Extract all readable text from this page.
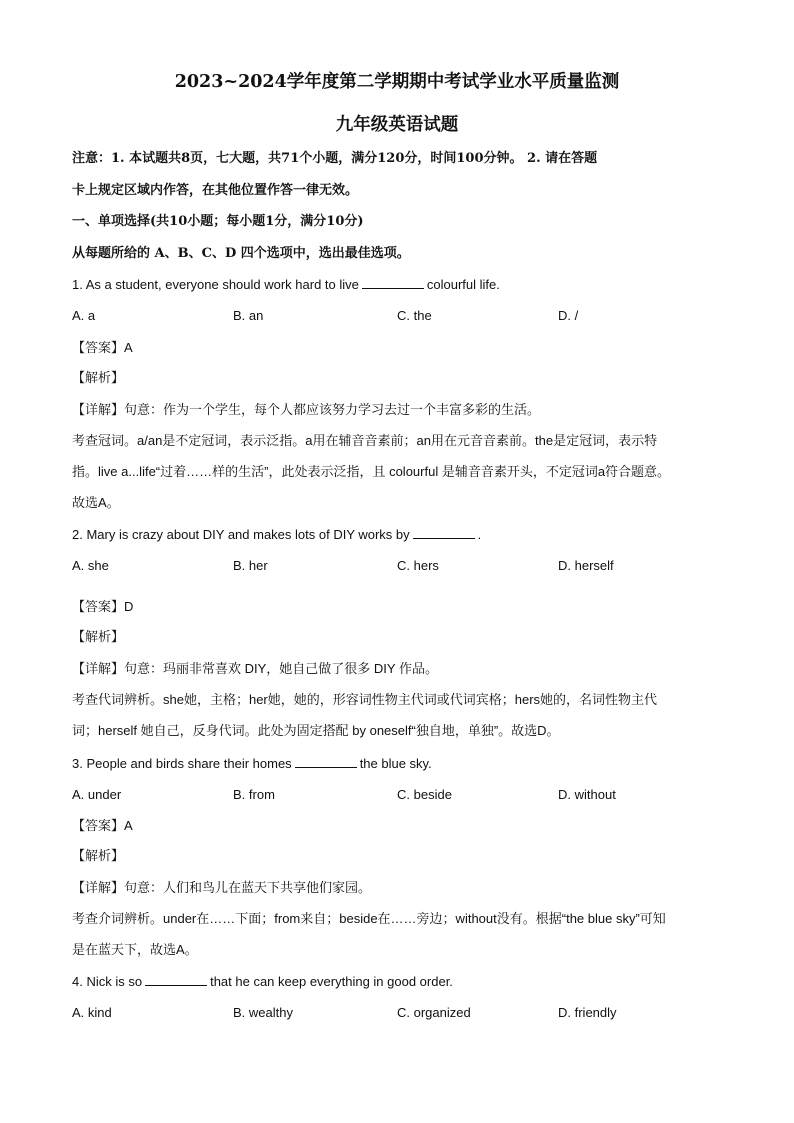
2023~2024学年度第二学期期中考试学业水平质量监测
九年级英语试题
注意：1. 本试题共8页，七大题，共71个小题，满分120分，时间100分钟。 2. 请在答题
卡上规定区域内作答，在其他位置作答一律无效。
一、单项选择(共10小题；每小题1分，满分10分)
从每题所给的 A、B、C、D 四个选项中，选出最佳选项。
1. As a student, everyone should work hard to live	colourful life.
A. a	B. an	C. the	D. /
【答案】A
【解析】
【详解】句意：作为一个学生，每个人都应该努力学习去过一个丰富多彩的生活。
考查冠词。a/an是不定冠词，表示泛指。a用在辅音音素前；an用在元音音素前。the是定冠词，表示特
指。live a...life“过着……样的生活”，此处表示泛指，且 colourful 是辅音音素开头，不定冠词a符合题意。
故选A。
2. Mary is crazy about DIY and makes lots of DIY works by	.
A. she	B. her	C. hers	D. herself
【答案】D
【解析】
【详解】句意：玛丽非常喜欢 DIY，她自己做了很多 DIY 作品。
考查代词辨析。she她，主格；her她，她的，形容词性物主代词或代词宾格；hers她的，名词性物主代
词；herself 她自己，反身代词。此处为固定搭配 by oneself“独自地，单独”。故选D。
3. People and birds share their homes	the blue sky.
A. under	B. from	C. beside	D. without
【答案】A
【解析】
【详解】句意：人们和鸟儿在蓝天下共享他们家园。
考查介词辨析。under在……下面；from来自；beside在……旁边；without没有。根据“the blue sky”可知
是在蓝天下，故选A。
4. Nick is so	that he can keep everything in good order.
A. kind	B. wealthy	C. organized	D. friendly
